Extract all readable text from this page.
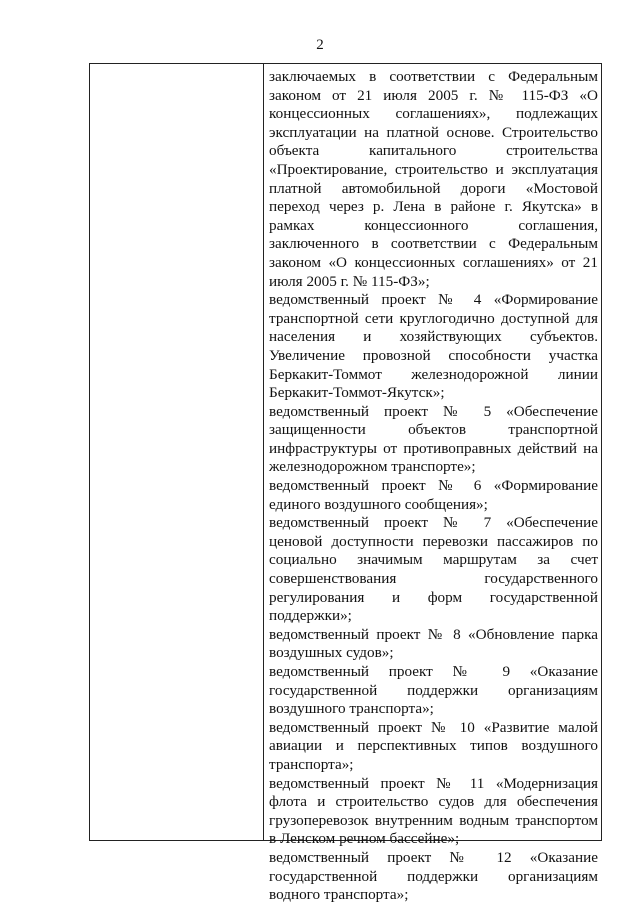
2

заключаемых в соответствии с Федеральным законом от 21 июля 2005 г. № 115-ФЗ «О концессионных соглашениях», подлежащих эксплуатации на платной основе. Строительство объекта капитального строительства «Проектирование, строительство и эксплуатация платной автомобильной дороги «Мостовой переход через р. Лена в районе г. Якутска» в рамках концессионного соглашения, заключенного в соответствии с Федеральным законом «О концессионных соглашениях» от 21 июля 2005 г. № 115-ФЗ»;

ведомственный проект № 4 «Формирование транспортной сети круглогодично доступной для населения и хозяйствующих субъектов. Увеличение провозной способности участка Беркакит-Томмот железнодорожной линии Беркакит-Томмот-Якутск»;

ведомственный проект № 5 «Обеспечение защищенности объектов транспортной инфраструктуры от противоправных действий на железнодорожном транспорте»;

ведомственный проект № 6 «Формирование единого воздушного сообщения»;

ведомственный проект № 7 «Обеспечение ценовой доступности перевозки пассажиров по социально значимым маршрутам за счет совершенствования государственного регулирования и форм государственной поддержки»;

ведомственный проект № 8 «Обновление парка воздушных судов»;

ведомственный проект № 9 «Оказание государственной поддержки организациям воздушного транспорта»;

ведомственный проект № 10 «Развитие малой авиации и перспективных типов воздушного транспорта»;

ведомственный проект № 11 «Модернизация флота и строительство судов для обеспечения грузоперевозок внутренним водным транспортом в Ленском речном бассейне»;

ведомственный проект № 12 «Оказание государственной поддержки организациям водного транспорта»;
